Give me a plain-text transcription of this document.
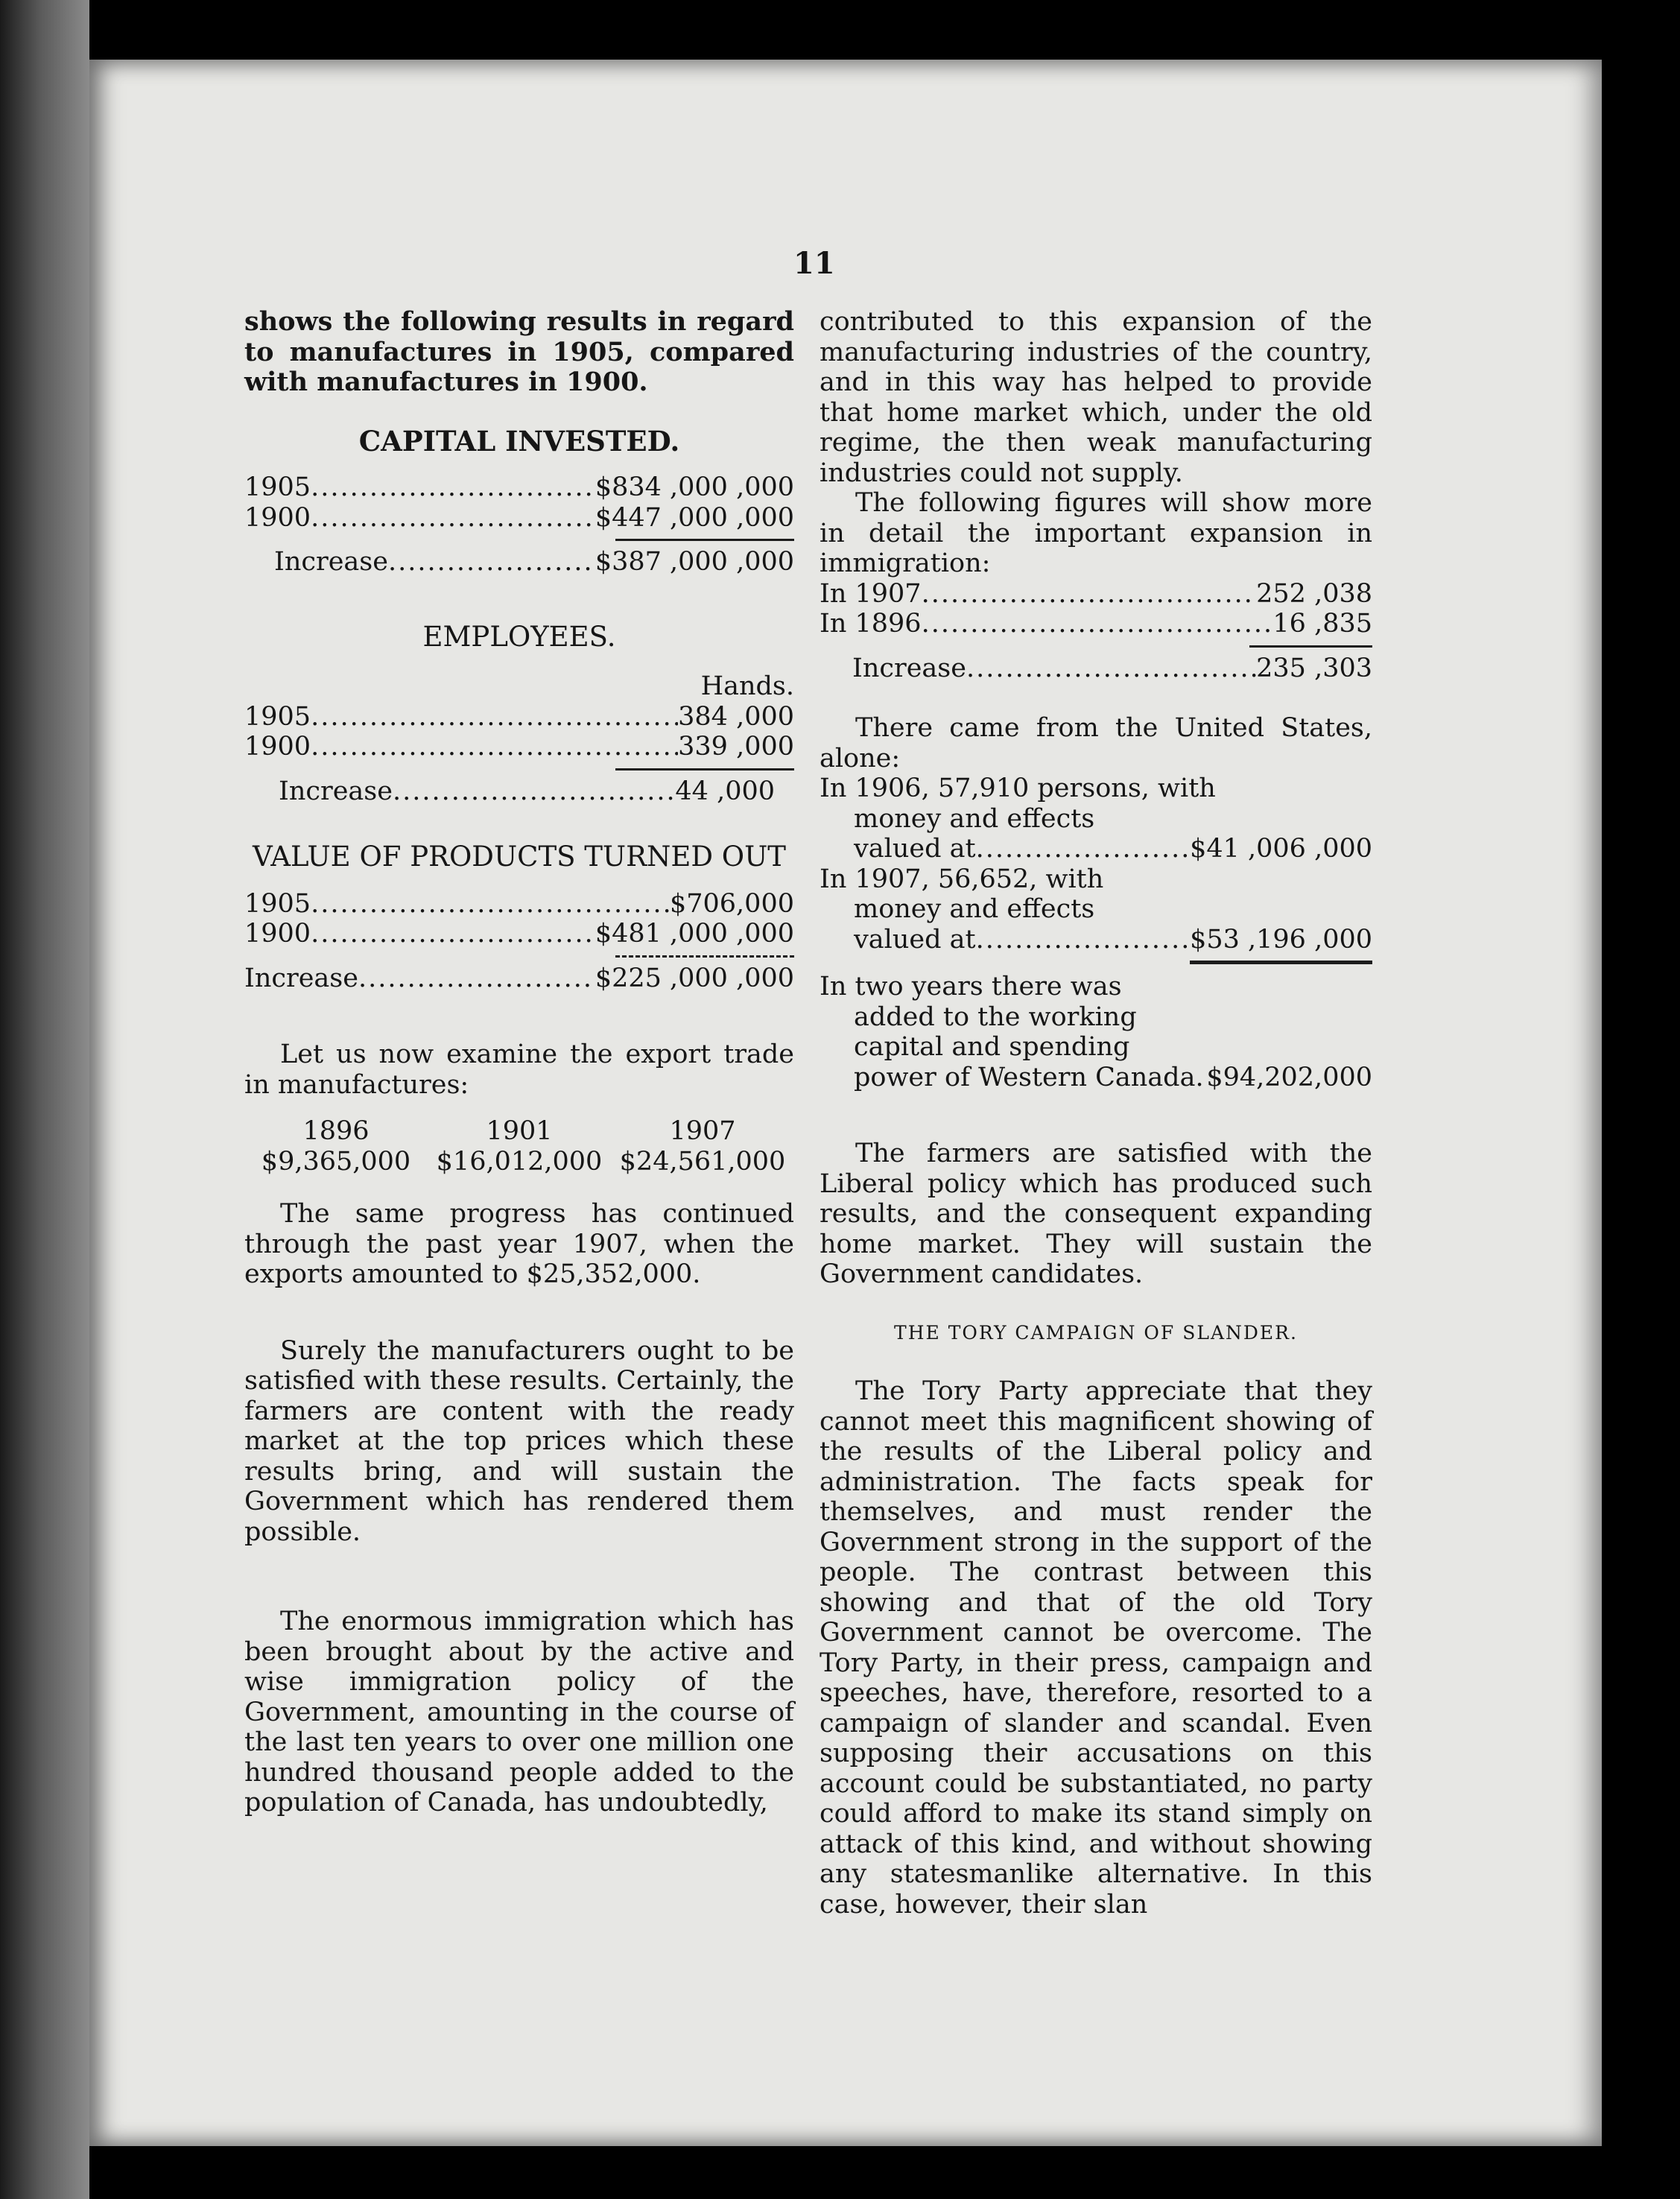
11

shows the following results in regard to manufactures in 1905, compared with manufactures in 1900.

CAPITAL INVESTED.

1905 .....	$834 ,000 ,000
1900 .....	$447 ,000 ,000
Increase .....	$387 ,000 ,000

EMPLOYEES.

Hands.
1905 .....	384 ,000
1900 .....	339 ,000
Increase .....	44 ,000

VALUE OF PRODUCTS TURNED OUT

1905 .....	$706,000
1900 .....	$481 ,000 ,000
Increase .....	$225 ,000 ,000

Let us now examine the export trade in manufactures:

1896	1901	1907
$9,365,000 $16,012,000 $24,561,000

The same progress has continued through the past year 1907, when the exports amounted to $25,352,000.

Surely the manufacturers ought to be satisfied with these results. Certainly, the farmers are content with the ready market at the top prices which these results bring, and will sustain the Government which has rendered them possible.

The enormous immigration which has been brought about by the active and wise immigration policy of the Government, amounting in the course of the last ten years to over one million one hundred thousand people added to the population of Canada, has undoubtedly,

contributed to this expansion of the manufacturing industries of the country, and in this way has helped to provide that home market which, under the old regime, the then weak manufacturing industries could not supply.

The following figures will show more in detail the important expansion in immigration:

In 1907 .....	252 ,038
In 1896 .....	16 ,835
Increase .....	235 ,303

There came from the United States, alone:

In 1906, 57,910 persons, with
money and effects
valued at .....	$41 ,006 ,000
In 1907, 56,652, with
money and effects
valued at .....	$53 ,196 ,000
In two years there was
added to the working
capital and spending
power of Western Canada. $94,202,000

The farmers are satisfied with the Liberal policy which has produced such results, and the consequent expanding home market. They will sustain the Government candidates.

THE TORY CAMPAIGN OF SLANDER.

The Tory Party appreciate that they cannot meet this magnificent showing of the results of the Liberal policy and administration. The facts speak for themselves, and must render the Government strong in the support of the people. The contrast between this showing and that of the old Tory Government cannot be overcome. The Tory Party, in their press, campaign and speeches, have, therefore, resorted to a campaign of slander and scandal. Even supposing their accusations on this account could be substantiated, no party could afford to make its stand simply on attack of this kind, and without showing any statesmanlike alternative. In this case, however, their slan
